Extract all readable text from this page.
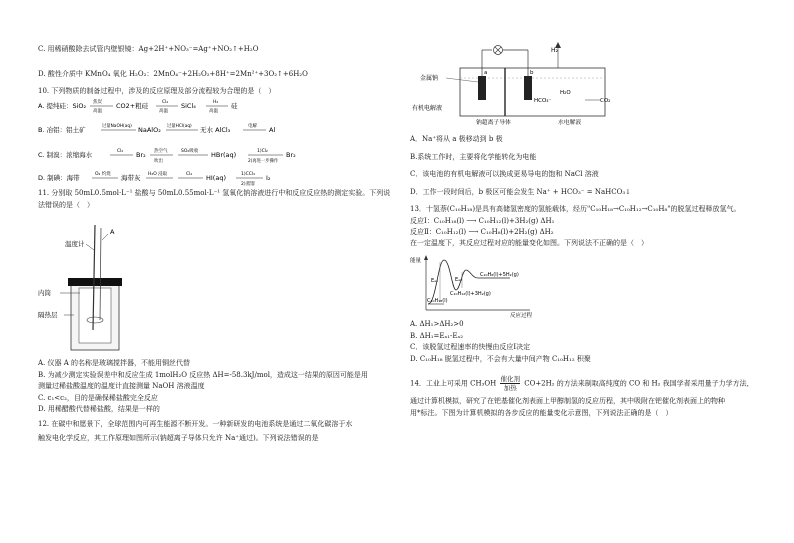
C. 用稀硝酸除去试管内壁银镜：Ag+2H⁺+NO₃⁻=Ag⁺+NO₂↑+H₂O
D. 酸性介质中 KMnO₄ 氧化 H₂O₂：2MnO₄⁻+2H₂O₂+8H⁺=2Mn²⁺+3O₂↑+6H₂O
10. 下列物质的制备过程中，涉及的反应原理及部分流程较为合理的是（　）
A. 提纯硅：SiO₂ 焦炭
高温
CO2+粗硅	Cl₂
高温
SiCl₄	H₂
高温
硅
B. 冶铝：铝土矿	过量NaOH(aq) NaAlO₂ 过量HCl(aq) 无水 AlCl₃	电解 Al
C. 制溴：浓缩海水	Cl₂ Br₂ 热空气
吹出
SO₂吸收 HBr(aq)	1)Cl₂
2)再进一步操作
Br₂
D. 制碘：海带	O₂ 灼烧 海带灰 H₂O 浸取	Cl₂ HI(aq)	1)CCl₄
2)蒸馏
I₂
11. 分别取 50mL0.5mol·L⁻¹ 盐酸与 50mL0.55mol·L⁻¹ 氢氧化钠溶液进行中和反应反应热的测定实验。下列说
法错误的是（　）
温度计
A
内筒
隔热层
A. 仪器 A 的名称是玻璃搅拌器，不能用铜丝代替
B. 为减少测定实验误差中和反应生成 1molH₂O 反应热 ΔH=-58.3kJ/mol，造成这一结果的原因可能是用
测量过稀盐酸温度的温度计直接测量 NaOH 溶液温度
C. c₁<c₂，目的是确保稀盐酸完全反应
D. 用稀醋酸代替稀盐酸，结果是一样的
12. 在碳中和愿景下，全球范围内可再生能源不断开发。一种新研发的电池系统是通过二氧化碳溶于水
触发电化学反应，其工作原理如图所示(钠超离子导体只允许 Na⁺通过)。下列说法错误的是
H₂
a	b
金属钠
有机电解液
HCO₃⁻
H₂O
CO₂
钠超离子导体	水电解液
A．Na⁺将从 a 极移动到 b 极
B.系统工作时，主要将化学能转化为电能
C．该电池的有机电解液可以换成更易导电的饱和 NaCl 溶液
D．工作一段时间后，b 极区可能会发生 Na⁺ + HCO₃⁻ = NaHCO₃↓
13．十氢萘(C₁₀H₁₈)是具有高储氢密度的氢能载体，经历"C₁₀H₁₈→C₁₀H₁₂→C₁₀H₈"的脱氢过程释放氢气。
反应Ⅰ：C₁₀H₁₈(l) ⟶ C₁₀H₁₂(l)+3H₂(g) ΔH₁
反应Ⅱ：C₁₀H₁₂(l) ⟶ C₁₀H₈(l)+2H₂(g) ΔH₂
在一定温度下，其反应过程对应的能量变化如图。下列说法不正确的是（　）
能量
Eₐ₁	Eₐ₂
C₁₀H₈(l)+5H₂(g)
C₁₀H₁₂(l)+3H₂(g)
C₁₀H₁₈(l)
反应过程
A. ΔH₁>ΔH₂>0
B. ΔH₁=Eₐ₁-Eₐ₂
C．该脱氢过程速率的快慢由反应Ⅰ决定
D. C₁₀H₁₈ 脱氢过程中，不会有大量中间产物 C₁₀H₁₂ 积聚
14．工业上可采用 CH₃OH
催化剂
加热
CO+2H₂ 的方法来制取高纯度的 CO 和 H₂ 我国学者采用量子力学方法，
通过计算机模拟，研究了在钯基催化剂表面上甲醇制氢的反应历程，其中吸附在钯催化剂表面上的物种
用*标注。下图为计算机模拟的各步反应的能量变化示意图，下列说法正确的是（　）
